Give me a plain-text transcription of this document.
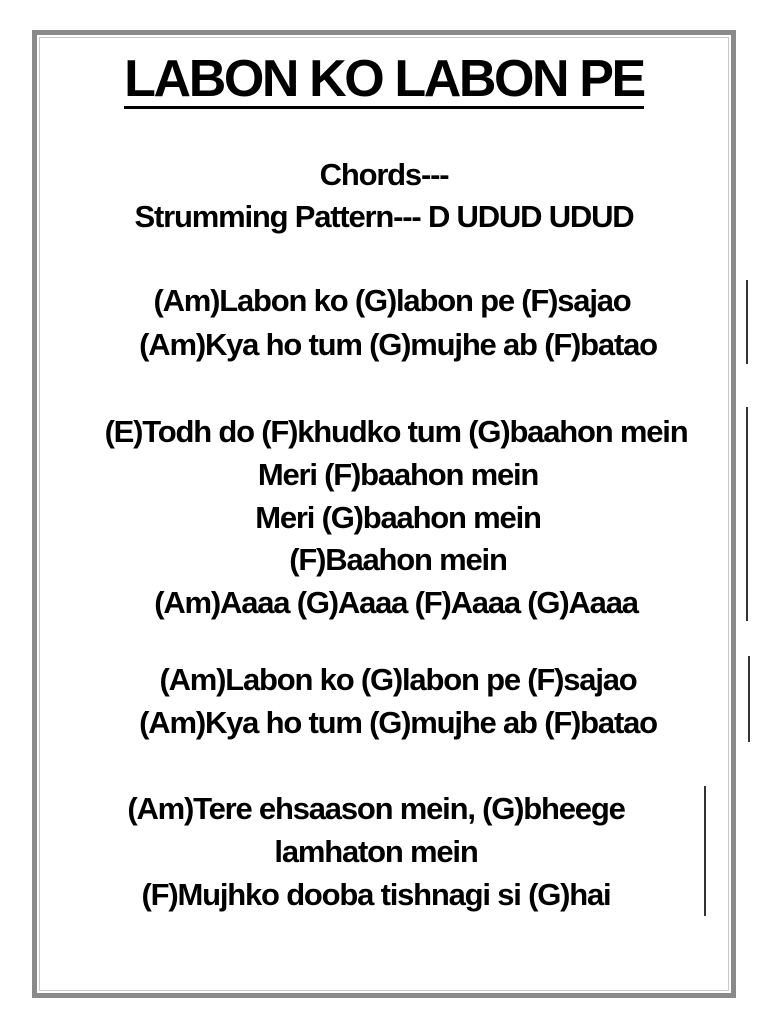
LABON KO LABON PE
Chords---
Strumming Pattern--- D UDUD UDUD
(Am)Labon ko (G)labon pe (F)sajao
(Am)Kya ho tum (G)mujhe ab (F)batao
(E)Todh do (F)khudko tum (G)baahon mein
Meri (F)baahon mein
Meri (G)baahon mein
(F)Baahon mein
(Am)Aaaa (G)Aaaa (F)Aaaa (G)Aaaa
(Am)Labon ko (G)labon pe (F)sajao
(Am)Kya ho tum (G)mujhe ab (F)batao
(Am)Tere ehsaason mein, (G)bheege
lamhaton mein
(F)Mujhko dooba tishnagi si (G)hai
